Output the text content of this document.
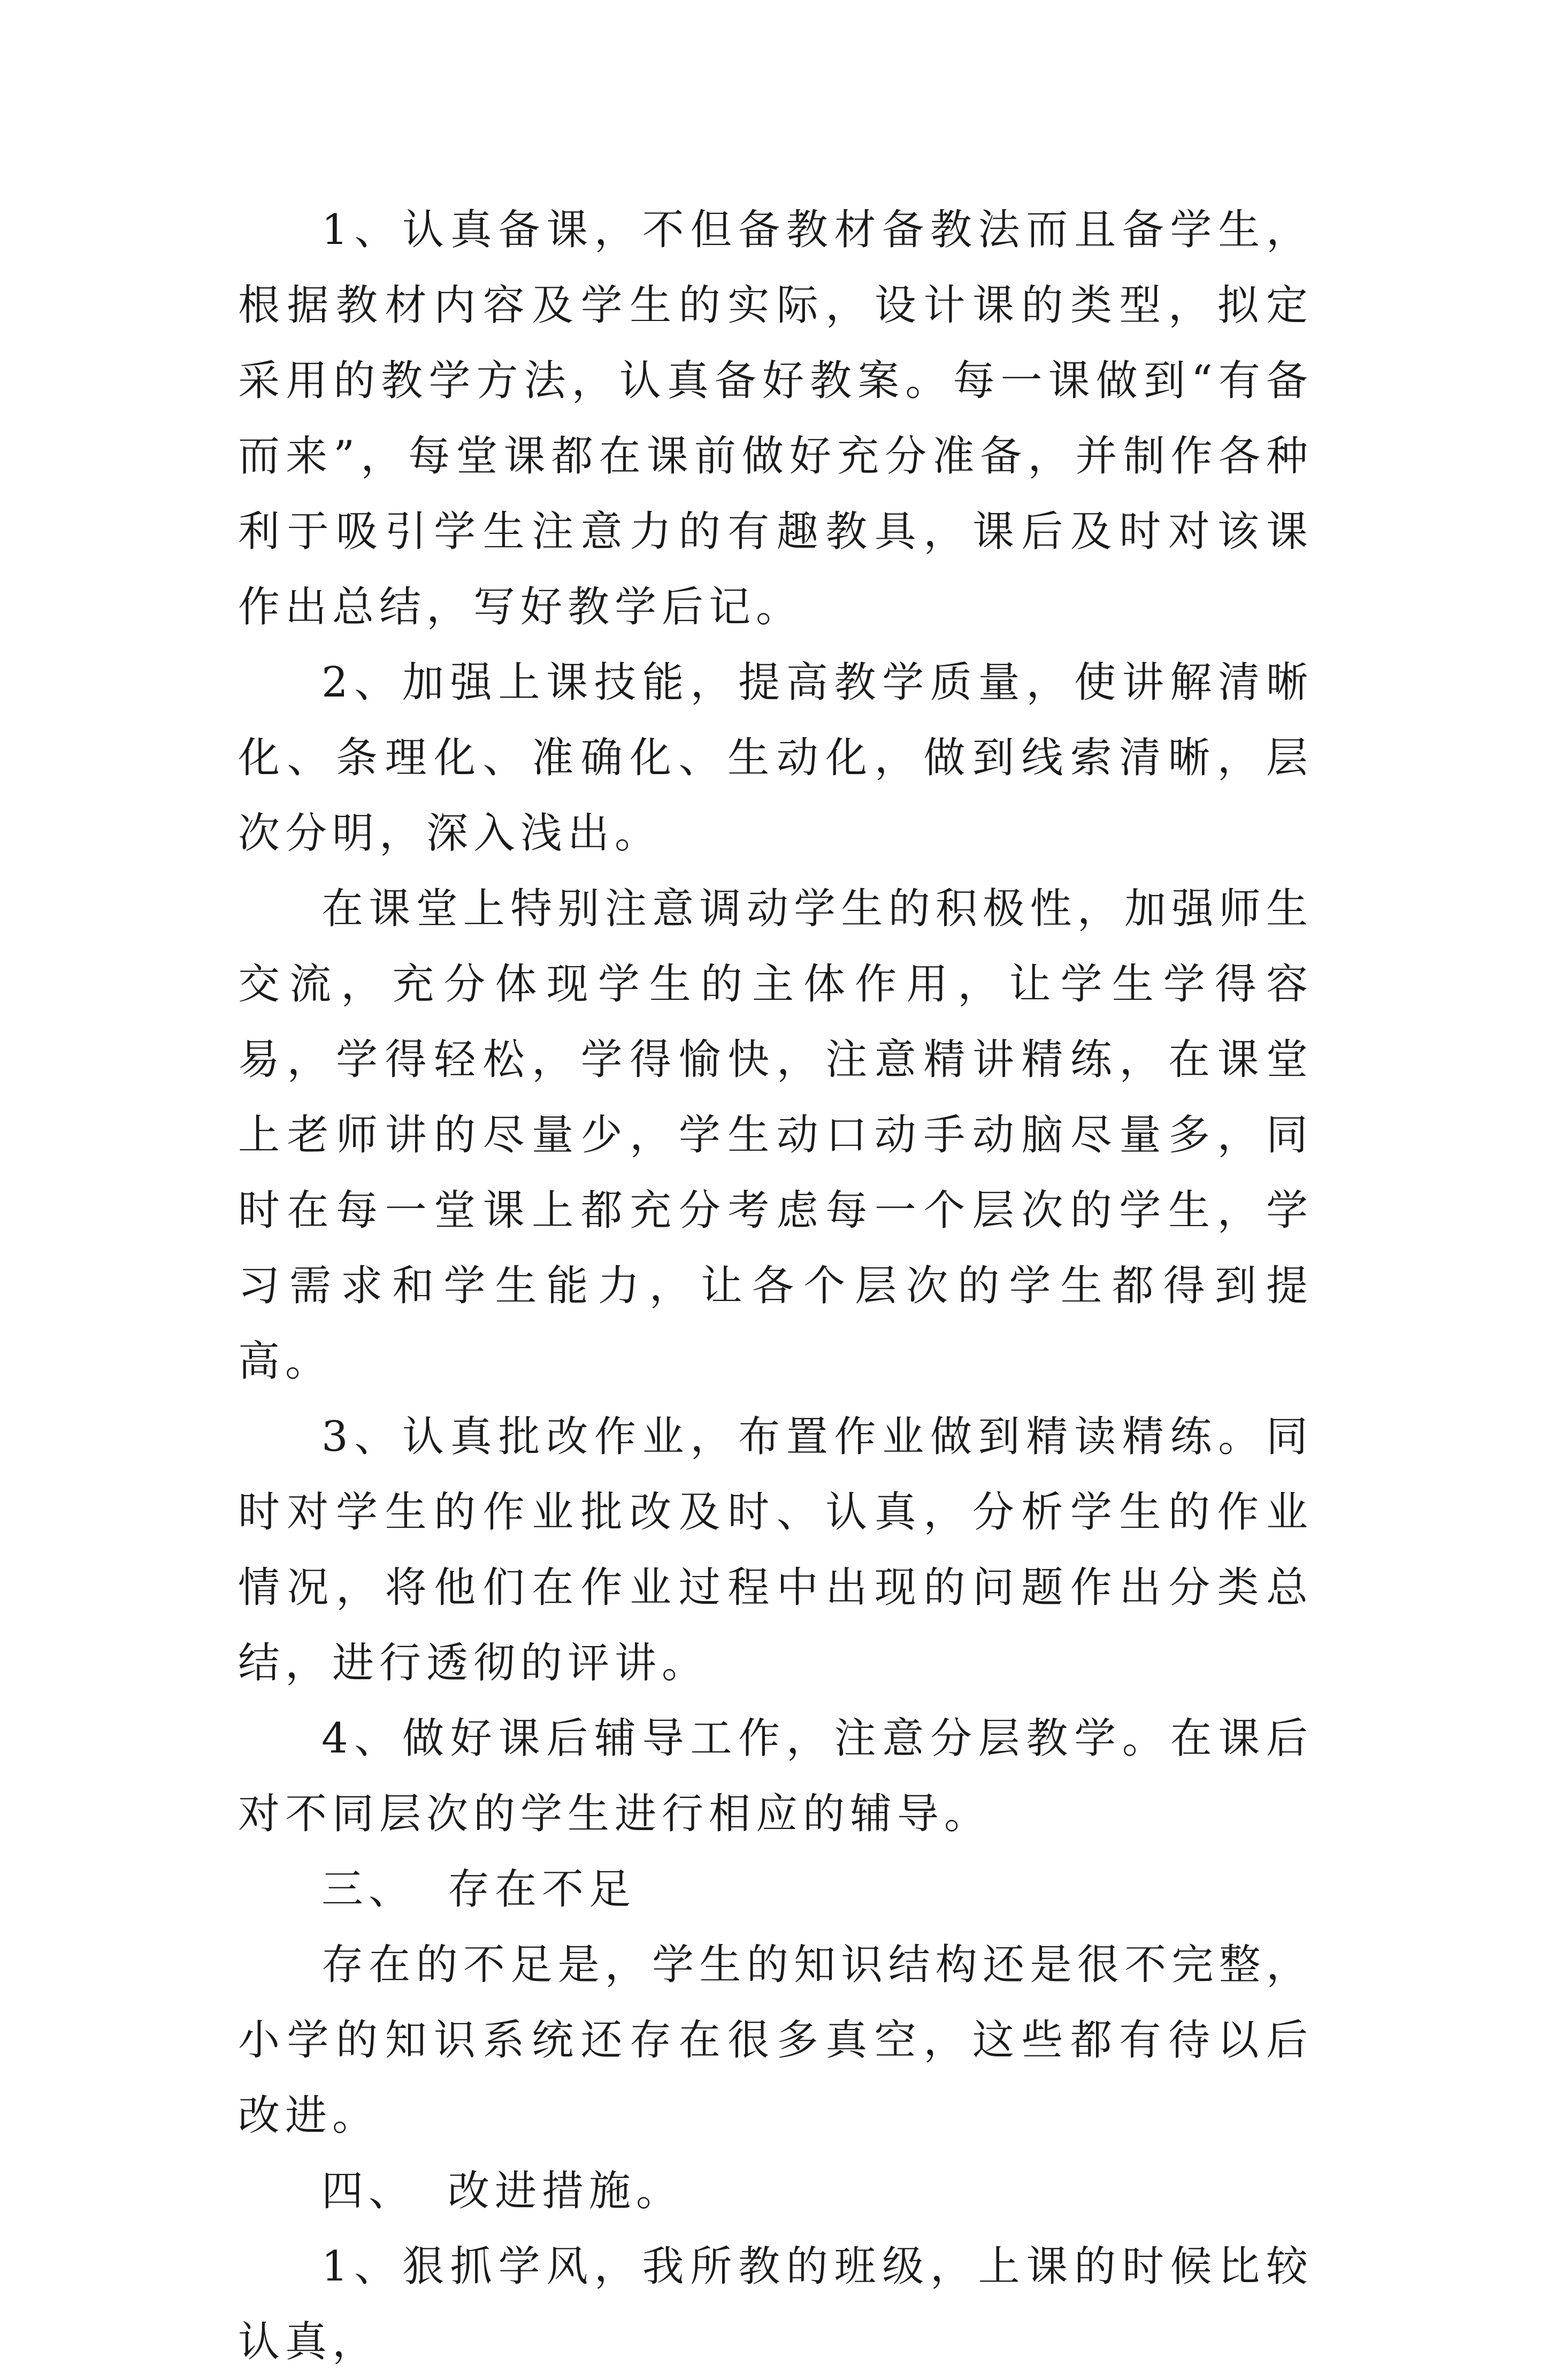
1、认真备课，不但备教材备教法而且备学生，根据教材内容及学生的实际，设计课的类型，拟定采用的教学方法，认真备好教案。每一课做到“有备而来”，每堂课都在课前做好充分准备，并制作各种利于吸引学生注意力的有趣教具，课后及时对该课作出总结，写好教学后记。

2、加强上课技能，提高教学质量，使讲解清晰化、条理化、准确化、生动化，做到线索清晰，层次分明，深入浅出。

在课堂上特别注意调动学生的积极性，加强师生交流，充分体现学生的主体作用，让学生学得容易，学得轻松，学得愉快，注意精讲精练，在课堂上老师讲的尽量少，学生动口动手动脑尽量多，同时在每一堂课上都充分考虑每一个层次的学生，学习需求和学生能力，让各个层次的学生都得到提高。

3、认真批改作业，布置作业做到精读精练。同时对学生的作业批改及时、认真，分析学生的作业情况，将他们在作业过程中出现的问题作出分类总结，进行透彻的评讲。

4、做好课后辅导工作，注意分层教学。在课后对不同层次的学生进行相应的辅导。

三、 存在不足

存在的不足是，学生的知识结构还是很不完整，小学的知识系统还存在很多真空，这些都有待以后改进。

四、 改进措施。

1、狠抓学风，我所教的班级，上课的时候比较认真，
